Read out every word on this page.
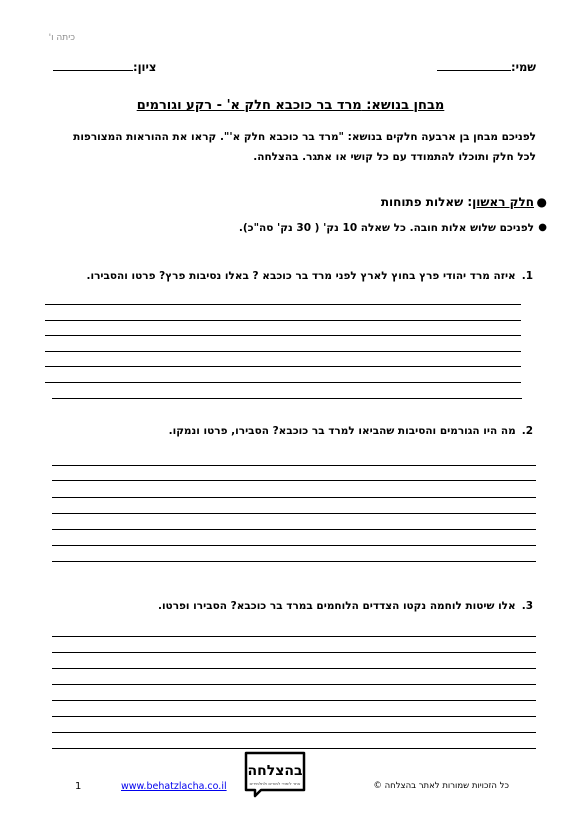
כיתה ו'
שמי:
ציון:
מבחן בנושא: מרד בר כוכבא חלק א' - רקע וגורמים
לפניכם מבחן בן ארבעה חלקים בנושא: "מרד בר כוכבא חלק א'". קראו את ההוראות המצורפות
לכל חלק ותוכלו להתמודד עם כל קושי או אתגר. בהצלחה.
●
חלק ראשון: שאלות פתוחות
●
לפניכם שלוש אלות חובה. כל שאלה 10 נק' ( 30 נק' סה"כ).
1.איזה מרד יהודי פרץ בחוץ לארץ לפני מרד בר כוכבא ? באלו נסיבות פרץ? פרטו והסבירו.
2.מה היו הגורמים והסיבות שהביאו למרד בר כוכבא? הסבירו, פרטו ונמקו.
3.אלו שיטות לוחמה נקטו הצדדים הלוחמים במרד בר כוכבא? הסבירו ופרטו.
1	www.behatzlacha.co.il
בהצלחה
אתר לימודי למורים ולתלמידים	כל הזכויות שמורות לאתר בהצלחה ©
